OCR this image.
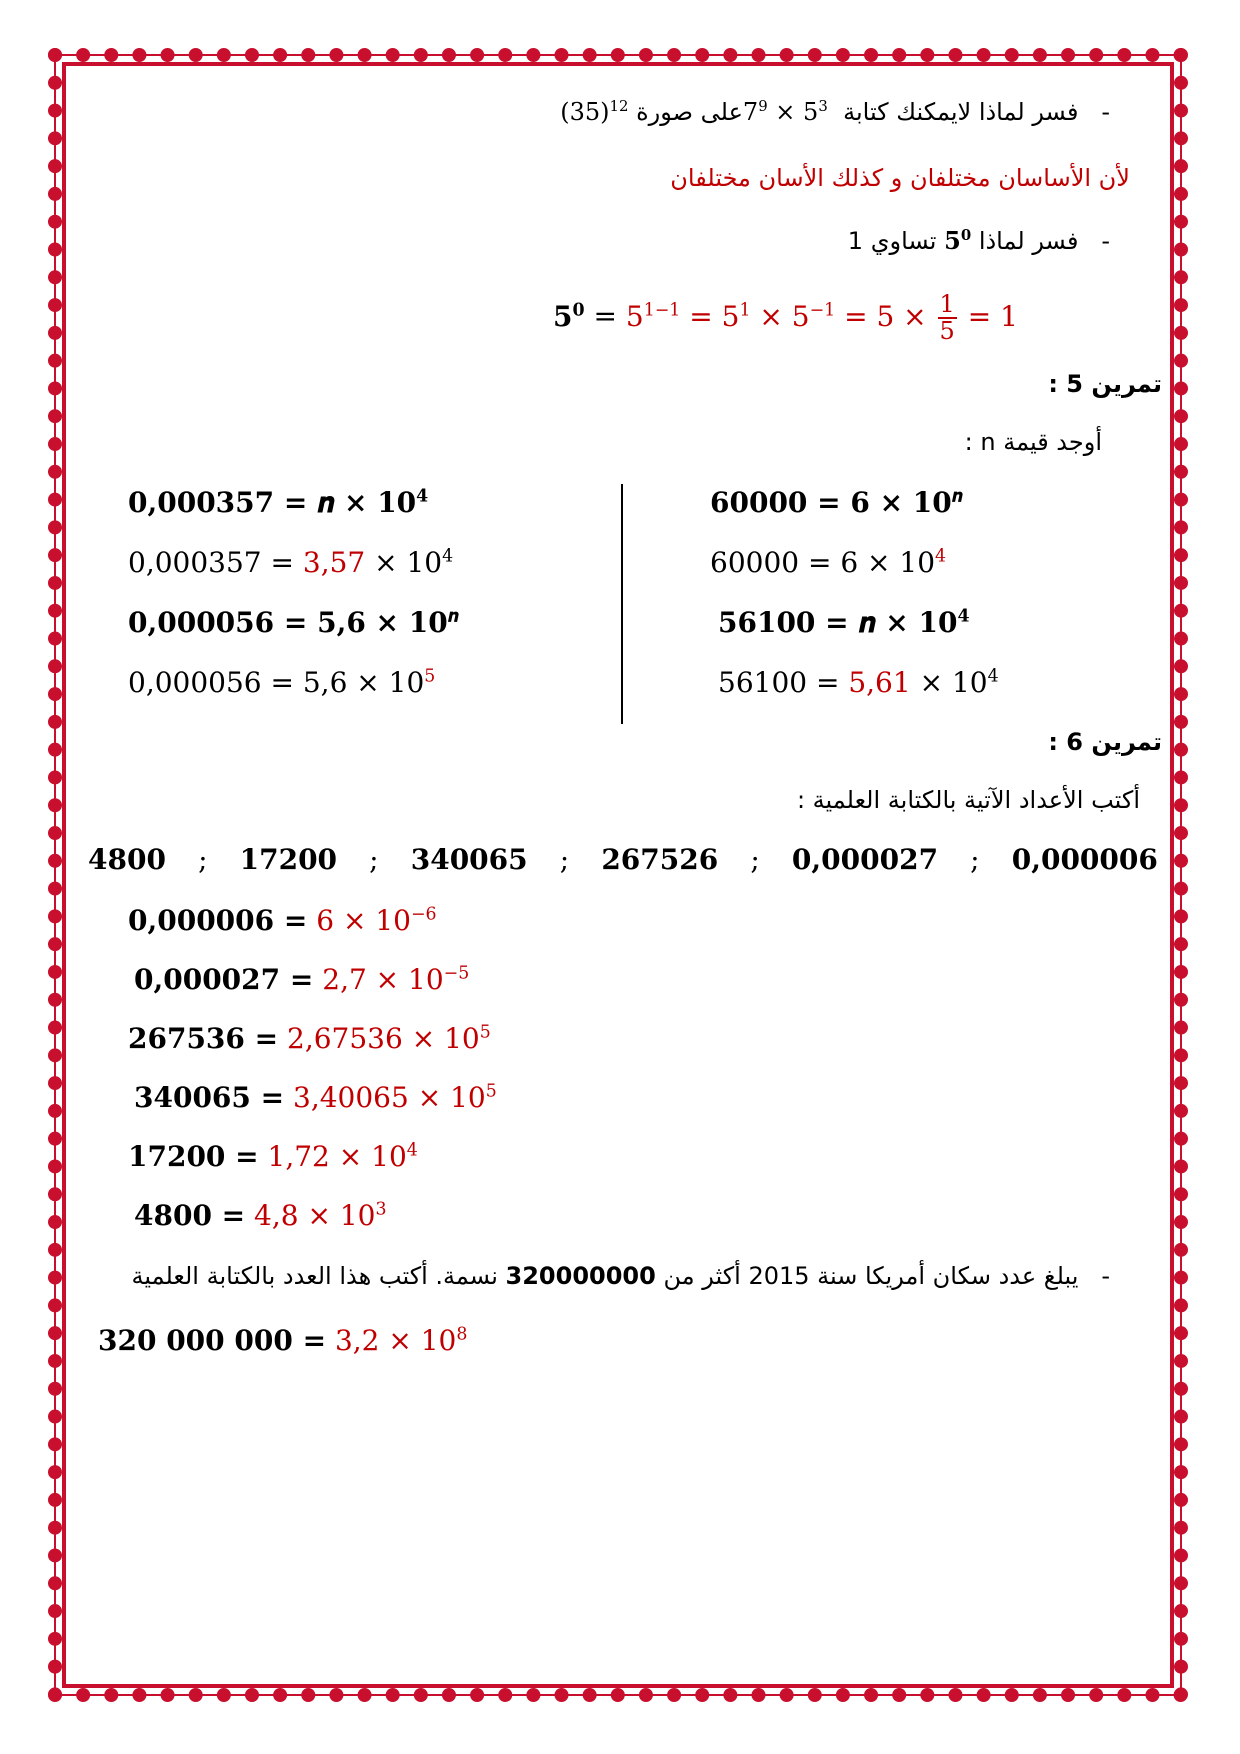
-   فسر لماذا لايمكنك كتابة $7^9 \times 5^3$ على صورة $(35)^{12}$
لأن الأساسان مختلفان و كذلك الأسان مختلفان
-   فسر لماذا $5^0$ تساوي 1
$5^0 = 5^{1-1} = 5^1 \times 5^{-1} = 5 \times \frac{1}{5} = 1$
تمرين 5 :
أوجد قيمة n :
0,000357 = 𝒏 × $10^4$
$0,000357 = 3,57 \times 10^4$
$0,000056 = 5,6 \times 10^𝒏$
$0,000056 = 5,6 \times 10^5$
$60000 = 6 \times 10^𝒏$
$60000 = 6 \times 10^4$
56100 = 𝒏 × $10^4$
$56100 = 5,61 \times 10^4$
تمرين 6 :
أكتب الأعداد الآتية بالكتابة العلمية :
4800 ; 17200 ; 340065 ; 267526 ; 0,000027 ; 0,000006
$0,000006 = 6 \times 10^{-6}$
$0,000027 = 2,7 \times 10^{-5}$
$267536 = 2,67536 \times 10^5$
$340065 = 3,40065 \times 10^5$
$17200 = 1,72 \times 10^4$
$4800 = 4,8 \times 10^3$
-   يبلغ عدد سكان أمريكا سنة 2015 أكثر من 320000000 نسمة. أكتب هذا العدد بالكتابة العلمية
320 000 $000 = 3,2 \times 10^8$
